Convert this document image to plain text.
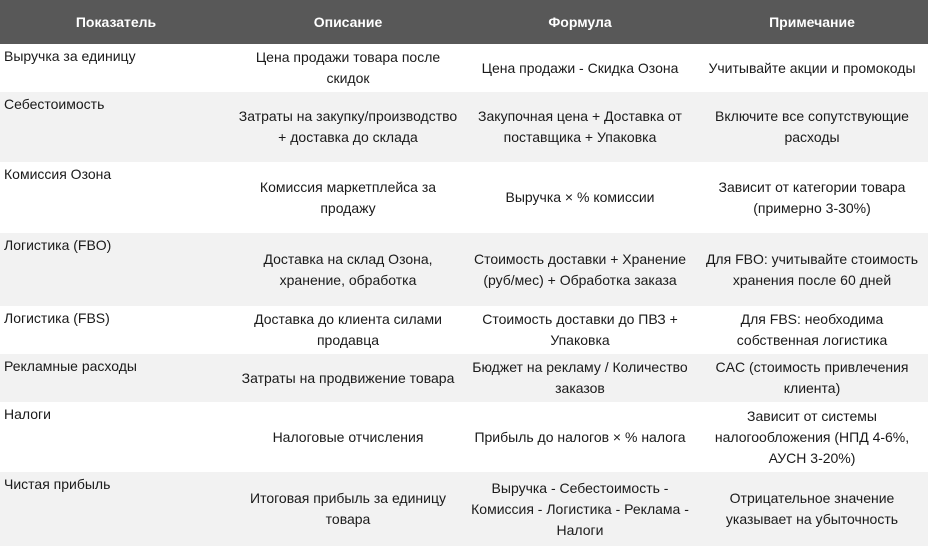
Показатель	Описание	Формула	Примечание
Выручка за единицу	Цена продажи товара после скидок	Цена продажи - Скидка Озона	Учитывайте акции и промокоды
Себестоимость	Затраты на закупку/производство + доставка до склада	Закупочная цена + Доставка от поставщика + Упаковка	Включите все сопутствующие расходы
Комиссия Озона	Комиссия маркетплейса за продажу	Выручка × % комиссии	Зависит от категории товара (примерно 3-30%)
Логистика (FBO)	Доставка на склад Озона, хранение, обработка	Стоимость доставки + Хранение (руб/мес) + Обработка заказа	Для FBO: учитывайте стоимость хранения после 60 дней
Логистика (FBS)	Доставка до клиента силами продавца	Стоимость доставки до ПВЗ + Упаковка	Для FBS: необходима собственная логистика
Рекламные расходы	Затраты на продвижение товара	Бюджет на рекламу / Количество заказов	CAC (стоимость привлечения клиента)
Налоги	Налоговые отчисления	Прибыль до налогов × % налога	Зависит от системы налогообложения (НПД 4-6%, АУСН 3-20%)
Чистая прибыль	Итоговая прибыль за единицу товара	Выручка - Себестоимость - Комиссия - Логистика - Реклама - Налоги	Отрицательное значение указывает на убыточность
